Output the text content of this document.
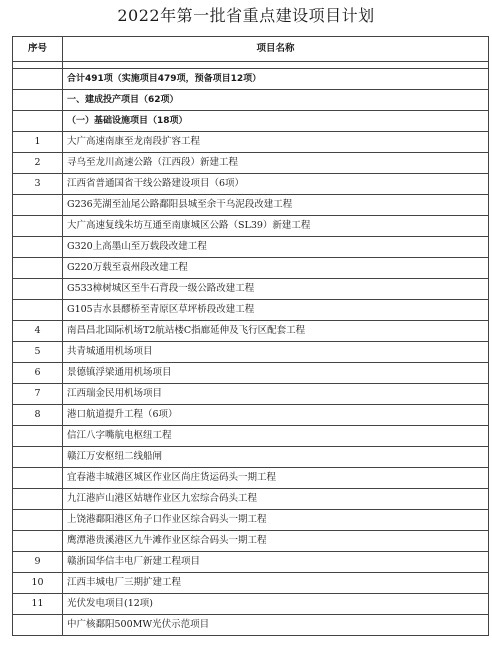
2022年第一批省重点建设项目计划
序号	项目名称

	合计491项（实施项目479项，预备项目12项）
	一、建成投产项目（62项）
	（一）基础设施项目（18项）
1	大广高速南康至龙南段扩容工程
2	寻乌至龙川高速公路（江西段）新建工程
3	江西省普通国省干线公路建设项目（6项）
	G236芜湖至汕尾公路鄱阳县城至余干乌泥段改建工程
	大广高速复线朱坊互通至南康城区公路（SL39）新建工程
	G320上高墨山至万载段改建工程
	G220万载至袁州段改建工程
	G533樟树城区至牛石背段一级公路改建工程
	G105吉水县醪桥至青原区草坪桥段改建工程
4	南昌昌北国际机场T2航站楼C指廊延伸及飞行区配套工程
5	共青城通用机场项目
6	景德镇浮梁通用机场项目
7	江西瑞金民用机场项目
8	港口航道提升工程（6项）
	信江八字嘴航电枢纽工程
	赣江万安枢纽二线船闸
	宜春港丰城港区城区作业区尚庄货运码头一期工程
	九江港庐山港区姑塘作业区九宏综合码头工程
	上饶港鄱阳港区角子口作业区综合码头一期工程
	鹰潭港贵溪港区九牛滩作业区综合码头一期工程
9	赣浙国华信丰电厂新建工程项目
10	江西丰城电厂三期扩建工程
11	光伏发电项目(12项)
	中广核鄱阳500MW光伏示范项目
